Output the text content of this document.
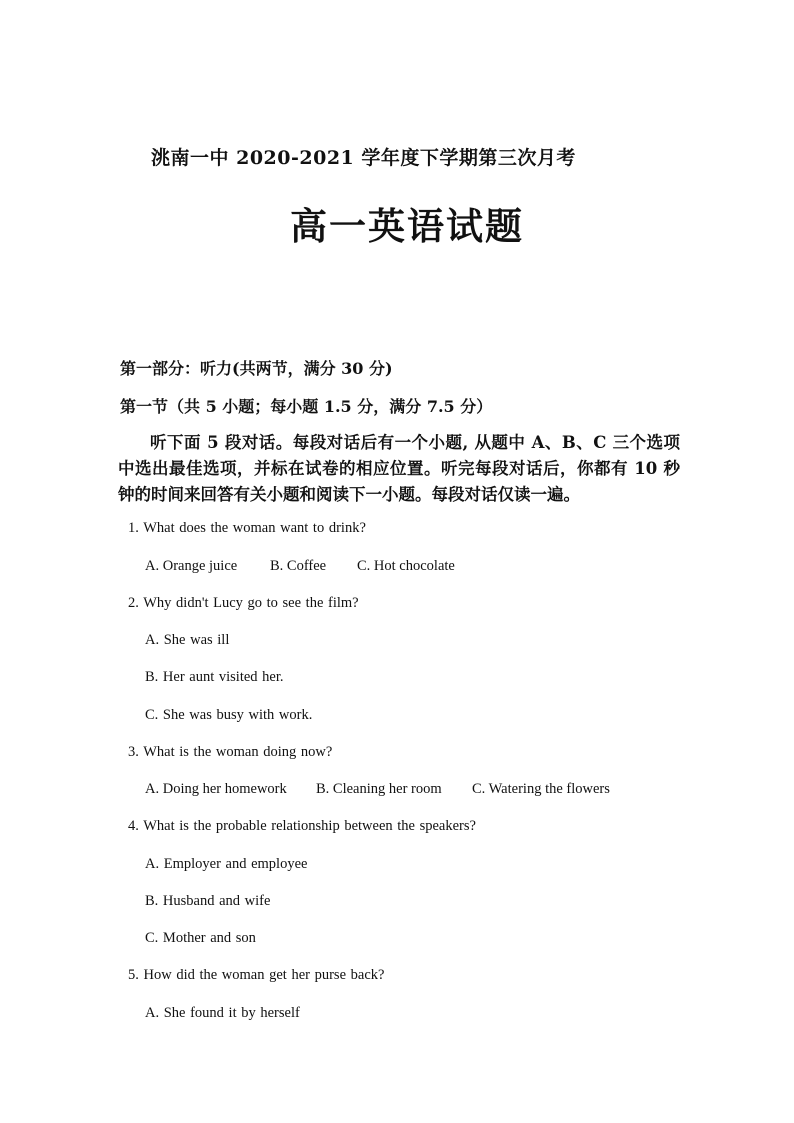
洮南一中 2020-2021 学年度下学期第三次月考
高一英语试题
第一部分：听力(共两节，满分 30 分)
第一节（共 5 小题；每小题 1.5 分，满分 7.5 分）
听下面 5 段对话。每段对话后有一个小题, 从题中 A、B、C 三个选项中选出最佳选项，并标在试卷的相应位置。听完每段对话后，你都有 10 秒钟的时间来回答有关小题和阅读下一小题。每段对话仅读一遍。
1. What does the woman want to drink?
A. Orange juice B. Coffee C. Hot chocolate
2. Why didn't Lucy go to see the film?
A. She was ill
B. Her aunt visited her.
C. She was busy with work.
3. What is the woman doing now?
A. Doing her homework B. Cleaning her room C. Watering the flowers
4. What is the probable relationship between the speakers?
A. Employer and employee
B. Husband and wife
C. Mother and son
5. How did the woman get her purse back?
A. She found it by herself
